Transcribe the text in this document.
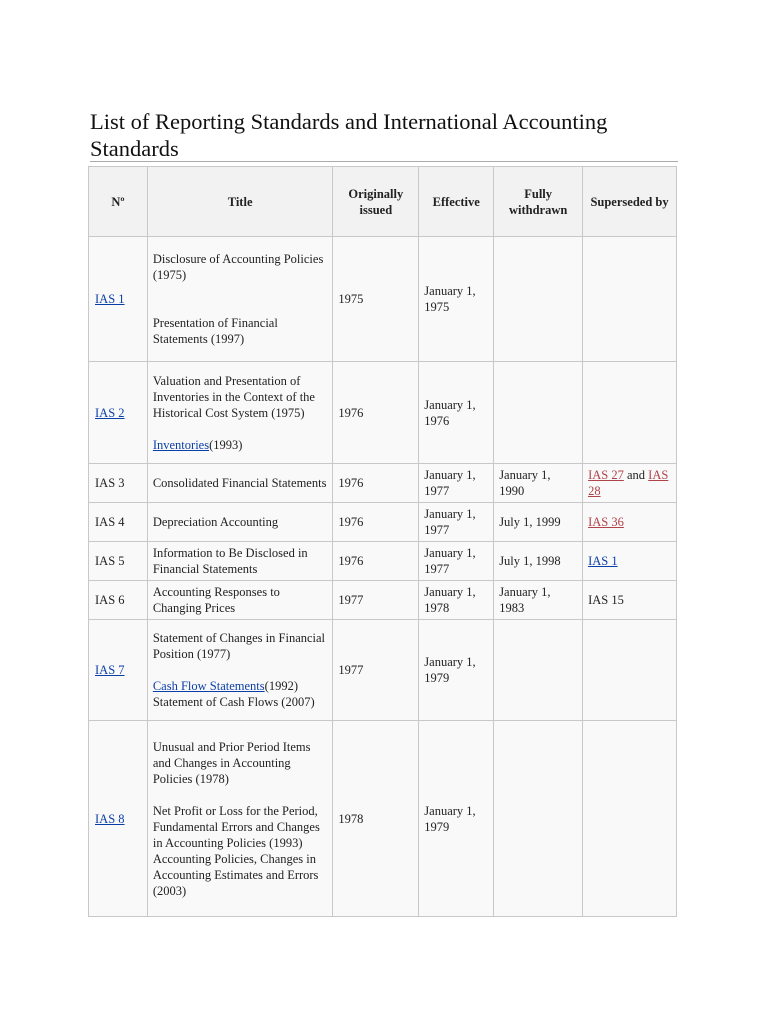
List of Reporting Standards and International Accounting Standards
Nº	Title	Originally issued	Effective	Fully withdrawn	Superseded by
IAS 1	Disclosure of Accounting Policies (1975)
Presentation of Financial Statements (1997)	1975	January 1, 1975		
IAS 2	Valuation and Presentation of Inventories in the Context of the Historical Cost System (1975)
Inventories(1993)	1976	January 1, 1976		
IAS 3	Consolidated Financial Statements	1976	January 1, 1977	January 1, 1990	IAS 27 and IAS 28
IAS 4	Depreciation Accounting	1976	January 1, 1977	July 1, 1999	IAS 36
IAS 5	Information to Be Disclosed in Financial Statements	1976	January 1, 1977	July 1, 1998	IAS 1
IAS 6	Accounting Responses to Changing Prices	1977	January 1, 1978	January 1, 1983	IAS 15
IAS 7	Statement of Changes in Financial Position (1977)
Cash Flow Statements(1992)
Statement of Cash Flows (2007)	1977	January 1, 1979		
IAS 8	Unusual and Prior Period Items and Changes in Accounting Policies (1978)
Net Profit or Loss for the Period, Fundamental Errors and Changes in Accounting Policies (1993)
Accounting Policies, Changes in Accounting Estimates and Errors (2003)	1978	January 1, 1979		
